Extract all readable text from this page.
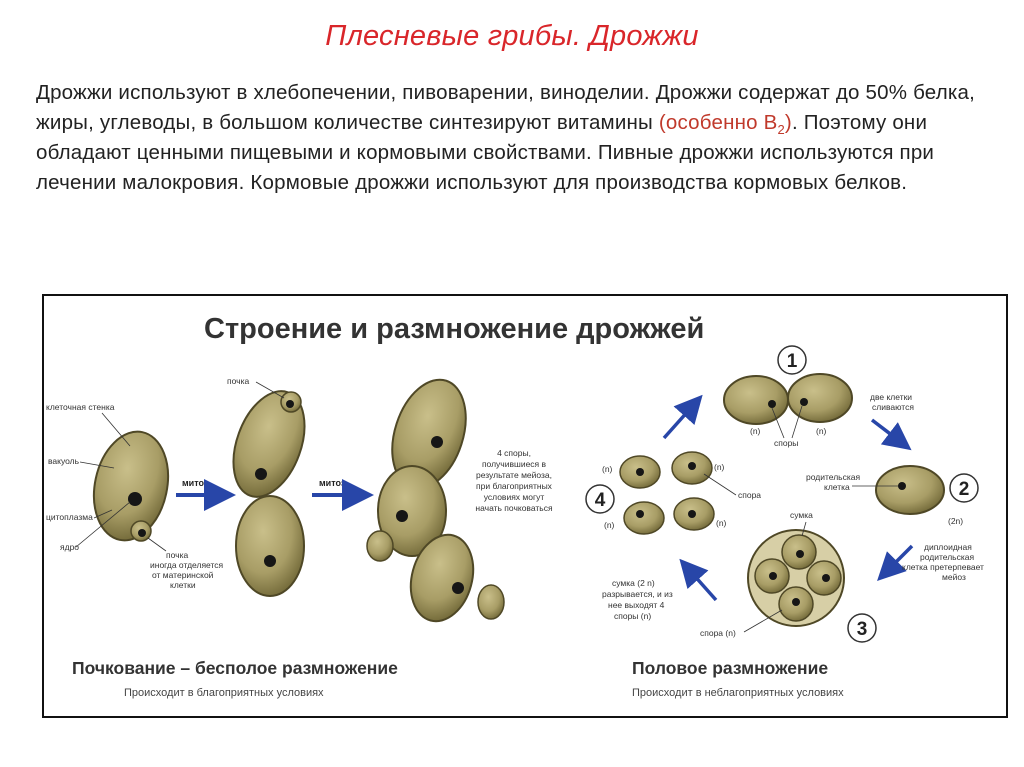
Плесневые грибы. Дрожжи
Дрожжи используют в хлебопечении, пивоварении, виноделии. Дрожжи содержат до 50% белка, жиры, углеводы, в большом количестве синтезируют витамины (особенно $В_2$). Поэтому они обладают ценными пищевыми и кормовыми свойствами. Пивные дрожжи используются при лечении малокровия. Кормовые дрожжи используют для производства кормовых белков.
Строение и размножение дрожжей
клеточная стенка
вакуоль
цитоплазма
ядро
почка
иногда отделяется
от материнской
клетки
митоз
почка
митоз
Почкование – бесполое размножение
Происходит в благоприятных условиях
4 споры,
получившиеся в
результате мейоза,
при благоприятных
условиях могут
начать почковаться
1
2
3
4
(n)	(n)
споры
две клетки
сливаются
родительская
клетка
(2n)
диплоидная
родительская
клетка претерпевает
мейоз
сумка
спора (n)
сумка (2 n)
разрывается, и из
нее выходят 4
споры (n)
(n)	(n)
(n)	(n)
спора
Половое размножение
Происходит в неблагоприятных условиях
